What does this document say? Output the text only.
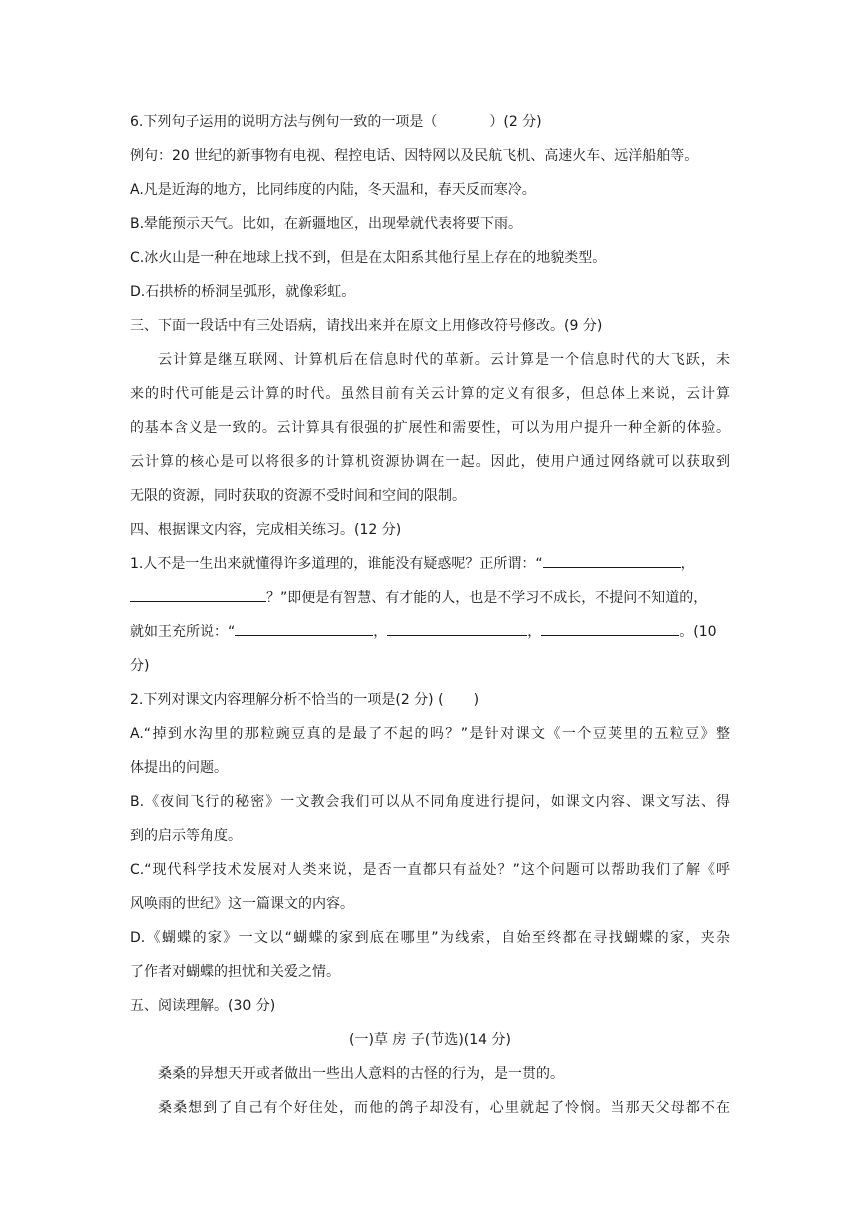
6.下列句子运用的说明方法与例句一致的一项是（	）(2 分)
例句：20 世纪的新事物有电视、程控电话、因特网以及民航飞机、高速火车、远洋船舶等。
A.凡是近海的地方，比同纬度的内陆，冬天温和，春天反而寒冷。
B.晕能预示天气。比如，在新疆地区，出现晕就代表将要下雨。
C.冰火山是一种在地球上找不到，但是在太阳系其他行星上存在的地貌类型。
D.石拱桥的桥洞呈弧形，就像彩虹。
三、下面一段话中有三处语病，请找出来并在原文上用修改符号修改。(9 分)
云计算是继互联网、计算机后在信息时代的革新。云计算是一个信息时代的大飞跃，未
来的时代可能是云计算的时代。虽然目前有关云计算的定义有很多，但总体上来说，云计算
的基本含义是一致的。云计算具有很强的扩展性和需要性，可以为用户提升一种全新的体验。
云计算的核心是可以将很多的计算机资源协调在一起。因此，使用户通过网络就可以获取到
无限的资源，同时获取的资源不受时间和空间的限制。
四、根据课文内容，完成相关练习。(12 分)
1.人不是一生出来就懂得许多道理的，谁能没有疑惑呢？正所谓：“	，
？”即便是有智慧、有才能的人，也是不学习不成长，不提问不知道的，
就如王充所说：“	，	，	。(10
分)
2.下列对课文内容理解分析不恰当的一项是(2 分) ( )
A.“掉到水沟里的那粒豌豆真的是最了不起的吗？”是针对课文《一个豆荚里的五粒豆》整
体提出的问题。
B.《夜间飞行的秘密》一文教会我们可以从不同角度进行提问，如课文内容、课文写法、得
到的启示等角度。
C.“现代科学技术发展对人类来说，是否一直都只有益处？”这个问题可以帮助我们了解《呼
风唤雨的世纪》这一篇课文的内容。
D.《蝴蝶的家》一文以“蝴蝶的家到底在哪里”为线索，自始至终都在寻找蝴蝶的家，夹杂
了作者对蝴蝶的担忧和关爱之情。
五、阅读理解。(30 分)
(一)草 房 子(节选)(14 分)
桑桑的异想天开或者做出一些出人意料的古怪的行为，是一贯的。
桑桑想到了自己有个好住处，而他的鸽子却没有，心里就起了怜悯。当那天父母都不在
